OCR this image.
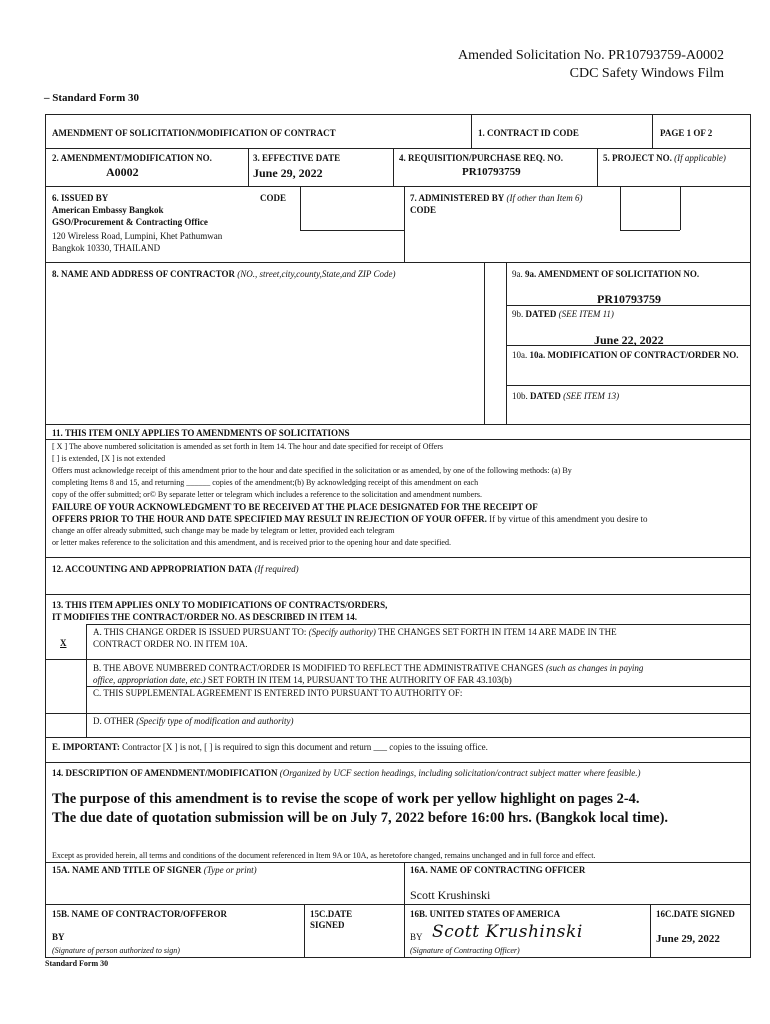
Amended Solicitation No. PR10793759-A0002
CDC Safety Windows Film
– Standard Form 30
AMENDMENT OF SOLICITATION/MODIFICATION OF CONTRACT	1. CONTRACT ID CODE	PAGE 1 OF 2
2. AMENDMENT/MODIFICATION NO.
A0002
3. EFFECTIVE DATE
June 29, 2022
4. REQUISITION/PURCHASE REQ. NO.
PR10793759
5. PROJECT NO. (If applicable)
6. ISSUED BY
American Embassy Bangkok
GSO/Procurement & Contracting Office
120 Wireless Road, Lumpini, Khet Pathumwan
Bangkok 10330, THAILAND
CODE	7. ADMINISTERED BY (If other than Item 6)
CODE
8. NAME AND ADDRESS OF CONTRACTOR (NO., street,city,county,State,and ZIP Code)	9a. 9a. AMENDMENT OF SOLICITATION NO.
PR10793759
9b. DATED (SEE ITEM 11)
June 22, 2022
10a. 10a. MODIFICATION OF CONTRACT/ORDER NO.
10b. DATED (SEE ITEM 13)
11. THIS ITEM ONLY APPLIES TO AMENDMENTS OF SOLICITATIONS
[ X ] The above numbered solicitation is amended as set forth in Item 14. The hour and date specified for receipt of Offers
[ ] is extended, [X ] is not extended
Offers must acknowledge receipt of this amendment prior to the hour and date specified in the solicitation or as amended, by one of the following methods: (a) By
completing Items 8 and 15, and returning ______ copies of the amendment;(b) By acknowledging receipt of this amendment on each
copy of the offer submitted; or© By separate letter or telegram which includes a reference to the solicitation and amendment numbers.
FAILURE OF YOUR ACKNOWLEDGMENT TO BE RECEIVED AT THE PLACE DESIGNATED FOR THE RECEIPT OF
OFFERS PRIOR TO THE HOUR AND DATE SPECIFIED MAY RESULT IN REJECTION OF YOUR OFFER. If by virtue of this amendment you desire to
change an offer already submitted, such change may be made by telegram or letter, provided each telegram
or letter makes reference to the solicitation and this amendment, and is received prior to the opening hour and date specified.
12. ACCOUNTING AND APPROPRIATION DATA (If required)
13. THIS ITEM APPLIES ONLY TO MODIFICATIONS OF CONTRACTS/ORDERS,
IT MODIFIES THE CONTRACT/ORDER NO. AS DESCRIBED IN ITEM 14.
X
A. THIS CHANGE ORDER IS ISSUED PURSUANT TO: (Specify authority) THE CHANGES SET FORTH IN ITEM 14 ARE MADE IN THE
CONTRACT ORDER NO. IN ITEM 10A.
B. THE ABOVE NUMBERED CONTRACT/ORDER IS MODIFIED TO REFLECT THE ADMINISTRATIVE CHANGES (such as changes in paying
office, appropriation date, etc.) SET FORTH IN ITEM 14, PURSUANT TO THE AUTHORITY OF FAR 43.103(b)
C. THIS SUPPLEMENTAL AGREEMENT IS ENTERED INTO PURSUANT TO AUTHORITY OF:
D. OTHER (Specify type of modification and authority)
E. IMPORTANT: Contractor [X ] is not, [ ] is required to sign this document and return ___ copies to the issuing office.
14. DESCRIPTION OF AMENDMENT/MODIFICATION (Organized by UCF section headings, including solicitation/contract subject matter where feasible.)
The purpose of this amendment is to revise the scope of work per yellow highlight on pages 2-4.
The due date of quotation submission will be on July 7, 2022 before 16:00 hrs. (Bangkok local time).
Except as provided herein, all terms and conditions of the document referenced in Item 9A or 10A, as heretofore changed, remains unchanged and in full force and effect.
15A. NAME AND TITLE OF SIGNER (Type or print)	16A. NAME OF CONTRACTING OFFICER
Scott Krushinski
15B. NAME OF CONTRACTOR/OFFEROR	15C.DATE
SIGNED
16B. UNITED STATES OF AMERICA	16C.DATE SIGNED
BY	BY Scott Krushinski	June 29, 2022
(Signature of person authorized to sign)	(Signature of Contracting Officer)
Standard Form 30
